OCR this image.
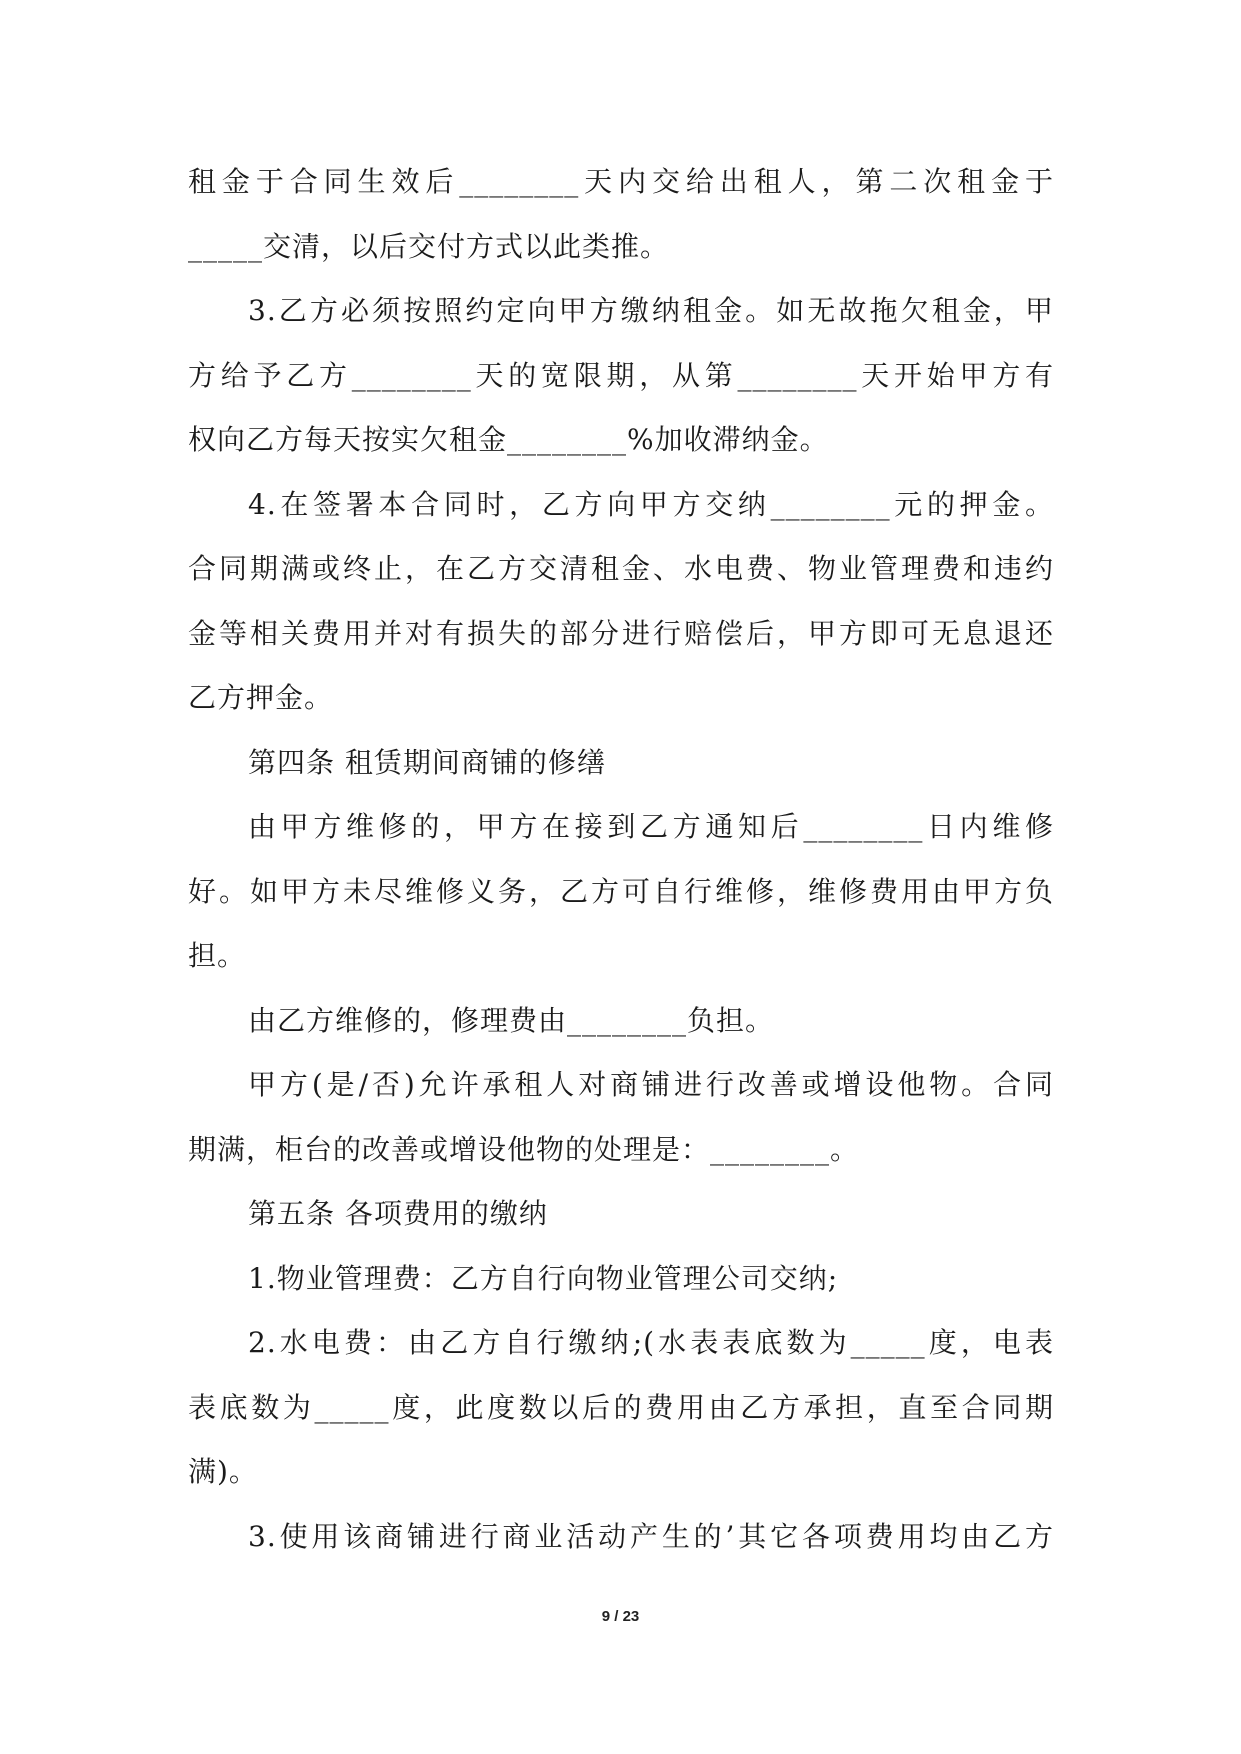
租金于合同生效后________天内交给出租人，第二次租金于
_____交清，以后交付方式以此类推。
3.乙方必须按照约定向甲方缴纳租金。如无故拖欠租金，甲
方给予乙方________天的宽限期，从第________天开始甲方有
权向乙方每天按实欠租金________%加收滞纳金。
4.在签署本合同时，乙方向甲方交纳________元的押金。
合同期满或终止，在乙方交清租金、水电费、物业管理费和违约
金等相关费用并对有损失的部分进行赔偿后，甲方即可无息退还
乙方押金。
第四条 租赁期间商铺的修缮
由甲方维修的，甲方在接到乙方通知后________日内维修
好。如甲方未尽维修义务，乙方可自行维修，维修费用由甲方负
担。
由乙方维修的，修理费由________负担。
甲方(是/否)允许承租人对商铺进行改善或增设他物。合同
期满，柜台的改善或增设他物的处理是：________。
第五条 各项费用的缴纳
1.物业管理费：乙方自行向物业管理公司交纳;
2.水电费：由乙方自行缴纳;(水表表底数为_____度，电表
表底数为_____度，此度数以后的费用由乙方承担，直至合同期
满)。
3.使用该商铺进行商业活动产生的’其它各项费用均由乙方
9 / 23
